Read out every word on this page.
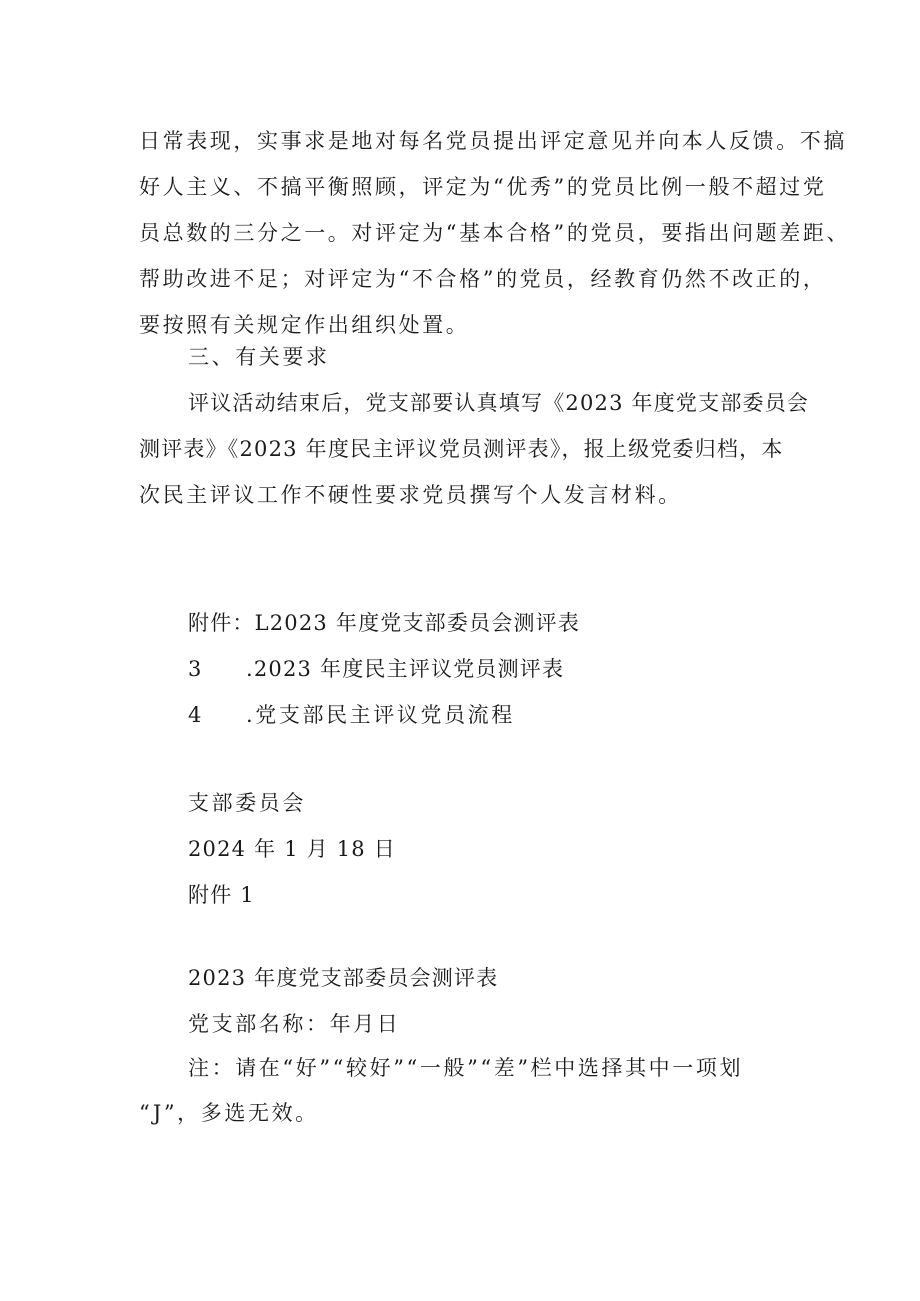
日常表现，实事求是地对每名党员提出评定意见并向本人反馈。不搞
好人主义、不搞平衡照顾，评定为“优秀”的党员比例一般不超过党
员总数的三分之一。对评定为“基本合格”的党员，要指出问题差距、
帮助改进不足；对评定为“不合格”的党员，经教育仍然不改正的，
要按照有关规定作出组织处置。
三、有关要求
评议活动结束后，党支部要认真填写《2023 年度党支部委员会
测评表》《2023 年度民主评议党员测评表》，报上级党委归档，本
次民主评议工作不硬性要求党员撰写个人发言材料。
附件：L2023 年度党支部委员会测评表
3 .2023 年度民主评议党员测评表
4 .党支部民主评议党员流程
支部委员会
2024 年 1 月 18 日
附件 1
2023 年度党支部委员会测评表
党支部名称：年月日
注：请在“好”“较好”“一般”“差”栏中选择其中一项划
“J”，多选无效。
